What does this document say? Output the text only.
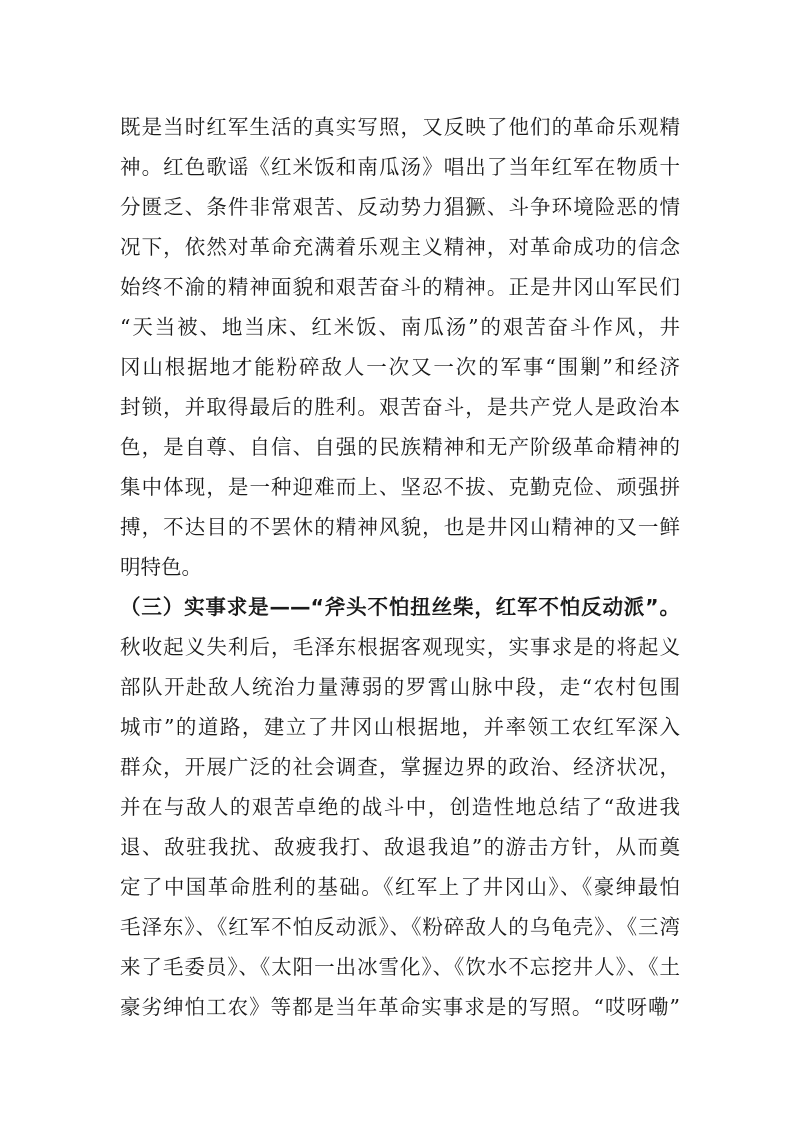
既是当时红军生活的真实写照，又反映了他们的革命乐观精
神。红色歌谣《红米饭和南瓜汤》唱出了当年红军在物质十
分匮乏、条件非常艰苦、反动势力猖獗、斗争环境险恶的情
况下，依然对革命充满着乐观主义精神，对革命成功的信念
始终不渝的精神面貌和艰苦奋斗的精神。正是井冈山军民们
“天当被、地当床、红米饭、南瓜汤”的艰苦奋斗作风，井
冈山根据地才能粉碎敌人一次又一次的军事“围剿”和经济
封锁，并取得最后的胜利。艰苦奋斗，是共产党人是政治本
色，是自尊、自信、自强的民族精神和无产阶级革命精神的
集中体现，是一种迎难而上、坚忍不拔、克勤克俭、顽强拼
搏，不达目的不罢休的精神风貌，也是井冈山精神的又一鲜
明特色。
（三）实事求是——“斧头不怕扭丝柴，红军不怕反动派”。
秋收起义失利后，毛泽东根据客观现实，实事求是的将起义
部队开赴敌人统治力量薄弱的罗霄山脉中段，走“农村包围
城市”的道路，建立了井冈山根据地，并率领工农红军深入
群众，开展广泛的社会调查，掌握边界的政治、经济状况，
并在与敌人的艰苦卓绝的战斗中，创造性地总结了“敌进我
退、敌驻我扰、敌疲我打、敌退我追”的游击方针，从而奠
定了中国革命胜利的基础。《红军上了井冈山》、《豪绅最怕
毛泽东》、《红军不怕反动派》、《粉碎敌人的乌龟壳》、《三湾
来了毛委员》、《太阳一出冰雪化》、《饮水不忘挖井人》、《土
豪劣绅怕工农》等都是当年革命实事求是的写照。“哎呀嘞”
